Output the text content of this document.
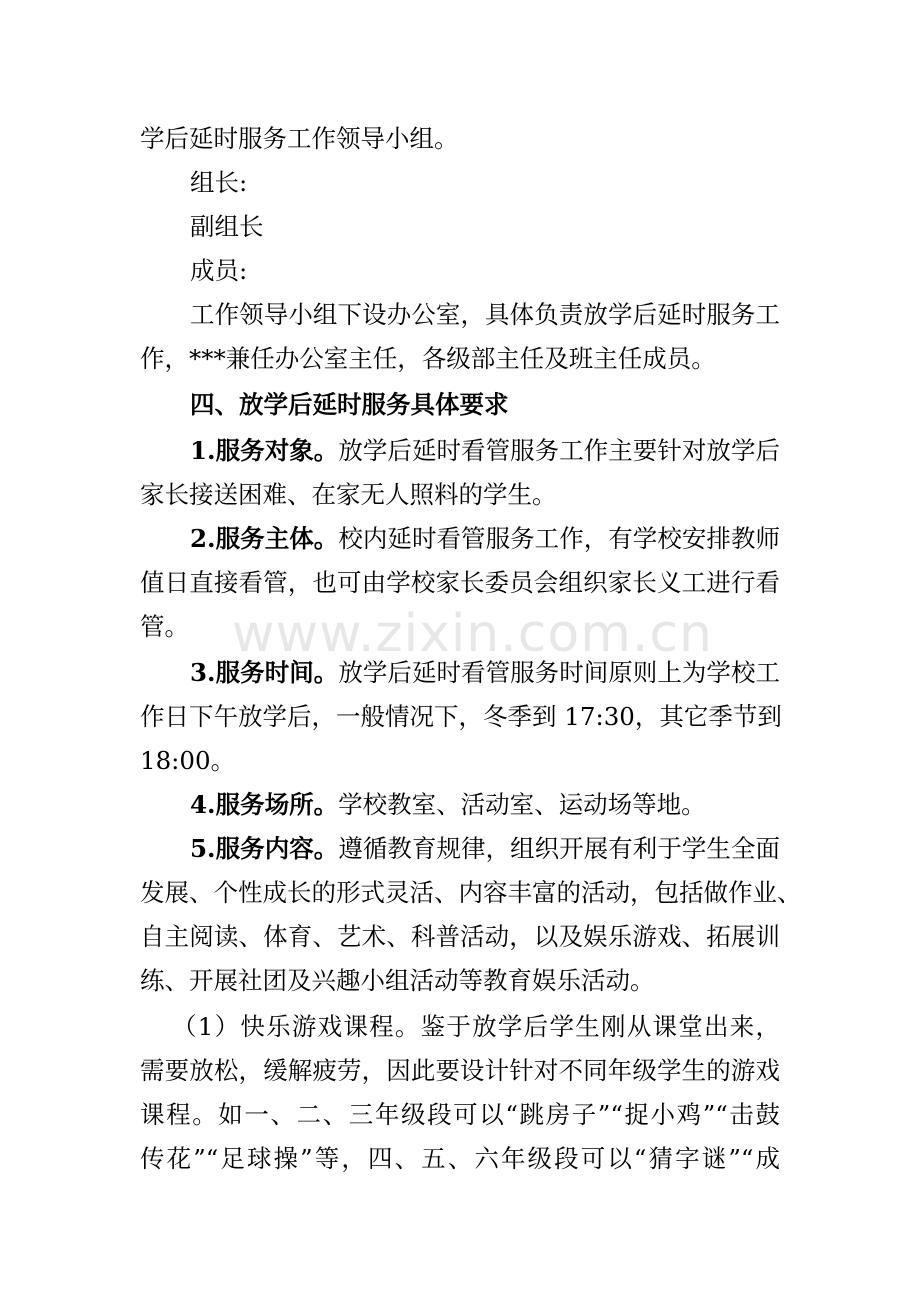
www.zixin.com.cn
学后延时服务工作领导小组。
组长:
副组长
成员:
工作领导小组下设办公室，具体负责放学后延时服务工
作，***兼任办公室主任，各级部主任及班主任成员。
四、放学后延时服务具体要求
1.服务对象。放学后延时看管服务工作主要针对放学后
家长接送困难、在家无人照料的学生。
2.服务主体。校内延时看管服务工作，有学校安排教师
值日直接看管，也可由学校家长委员会组织家长义工进行看
管。
3.服务时间。放学后延时看管服务时间原则上为学校工
作日下午放学后，一般情况下，冬季到 17:30，其它季节到
18:00。
4.服务场所。学校教室、活动室、运动场等地。
5.服务内容。遵循教育规律，组织开展有利于学生全面
发展、个性成长的形式灵活、内容丰富的活动，包括做作业、
自主阅读、体育、艺术、科普活动，以及娱乐游戏、拓展训
练、开展社团及兴趣小组活动等教育娱乐活动。
（1）快乐游戏课程。鉴于放学后学生刚从课堂出来，
需要放松，缓解疲劳，因此要设计针对不同年级学生的游戏
课程。如一、二、三年级段可以“跳房子”“捉小鸡”“击鼓
传花”“足球操”等，四、五、六年级段可以“猜字谜”“成
